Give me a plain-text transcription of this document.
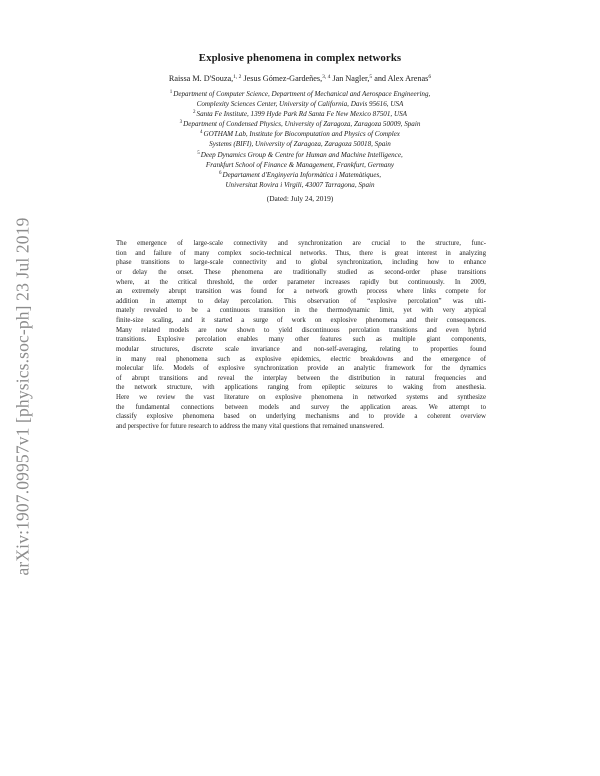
arXiv:1907.09957v1 [physics.soc-ph] 23 Jul 2019
Explosive phenomena in complex networks
Raissa M. D'Souza,$^{1, 2}$ Jesus Gómez-Gardeñes,$^{3, 4}$ Jan Nagler,$^5$ and Alex Arenas$^6$
$^1$Department of Computer Science, Department of Mechanical and Aerospace Engineering,
Complexity Sciences Center, University of California, Davis 95616, USA
$^2$Santa Fe Institute, 1399 Hyde Park Rd Santa Fe New Mexico 87501, USA
$^3$Department of Condensed Physics, University of Zaragoza, Zaragoza 50009, Spain
$^4$GOTHAM Lab, Institute for Biocomputation and Physics of Complex
Systems (BIFI), University of Zaragoza, Zaragoza 50018, Spain
$^5$Deep Dynamics Group & Centre for Human and Machine Intelligence,
Frankfurt School of Finance & Management, Frankfurt, Germany
$^6$Departament d'Enginyeria Informàtica i Matemàtiques,
Universitat Rovira i Virgili, 43007 Tarragona, Spain
(Dated: July 24, 2019)
The emergence of large-scale connectivity and synchronization are crucial to the structure, func-
tion and failure of many complex socio-technical networks. Thus, there is great interest in analyzing
phase transitions to large-scale connectivity and to global synchronization, including how to enhance
or delay the onset. These phenomena are traditionally studied as second-order phase transitions
where, at the critical threshold, the order parameter increases rapidly but continuously. In 2009,
an extremely abrupt transition was found for a network growth process where links compete for
addition in attempt to delay percolation. This observation of “explosive percolation” was ulti-
mately revealed to be a continuous transition in the thermodynamic limit, yet with very atypical
finite-size scaling, and it started a surge of work on explosive phenomena and their consequences.
Many related models are now shown to yield discontinuous percolation transitions and even hybrid
transitions. Explosive percolation enables many other features such as multiple giant components,
modular structures, discrete scale invariance and non-self-averaging, relating to properties found
in many real phenomena such as explosive epidemics, electric breakdowns and the emergence of
molecular life. Models of explosive synchronization provide an analytic framework for the dynamics
of abrupt transitions and reveal the interplay between the distribution in natural frequencies and
the network structure, with applications ranging from epileptic seizures to waking from anesthesia.
Here we review the vast literature on explosive phenomena in networked systems and synthesize
the fundamental connections between models and survey the application areas. We attempt to
classify explosive phenomena based on underlying mechanisms and to provide a coherent overview
and perspective for future research to address the many vital questions that remained unanswered.
